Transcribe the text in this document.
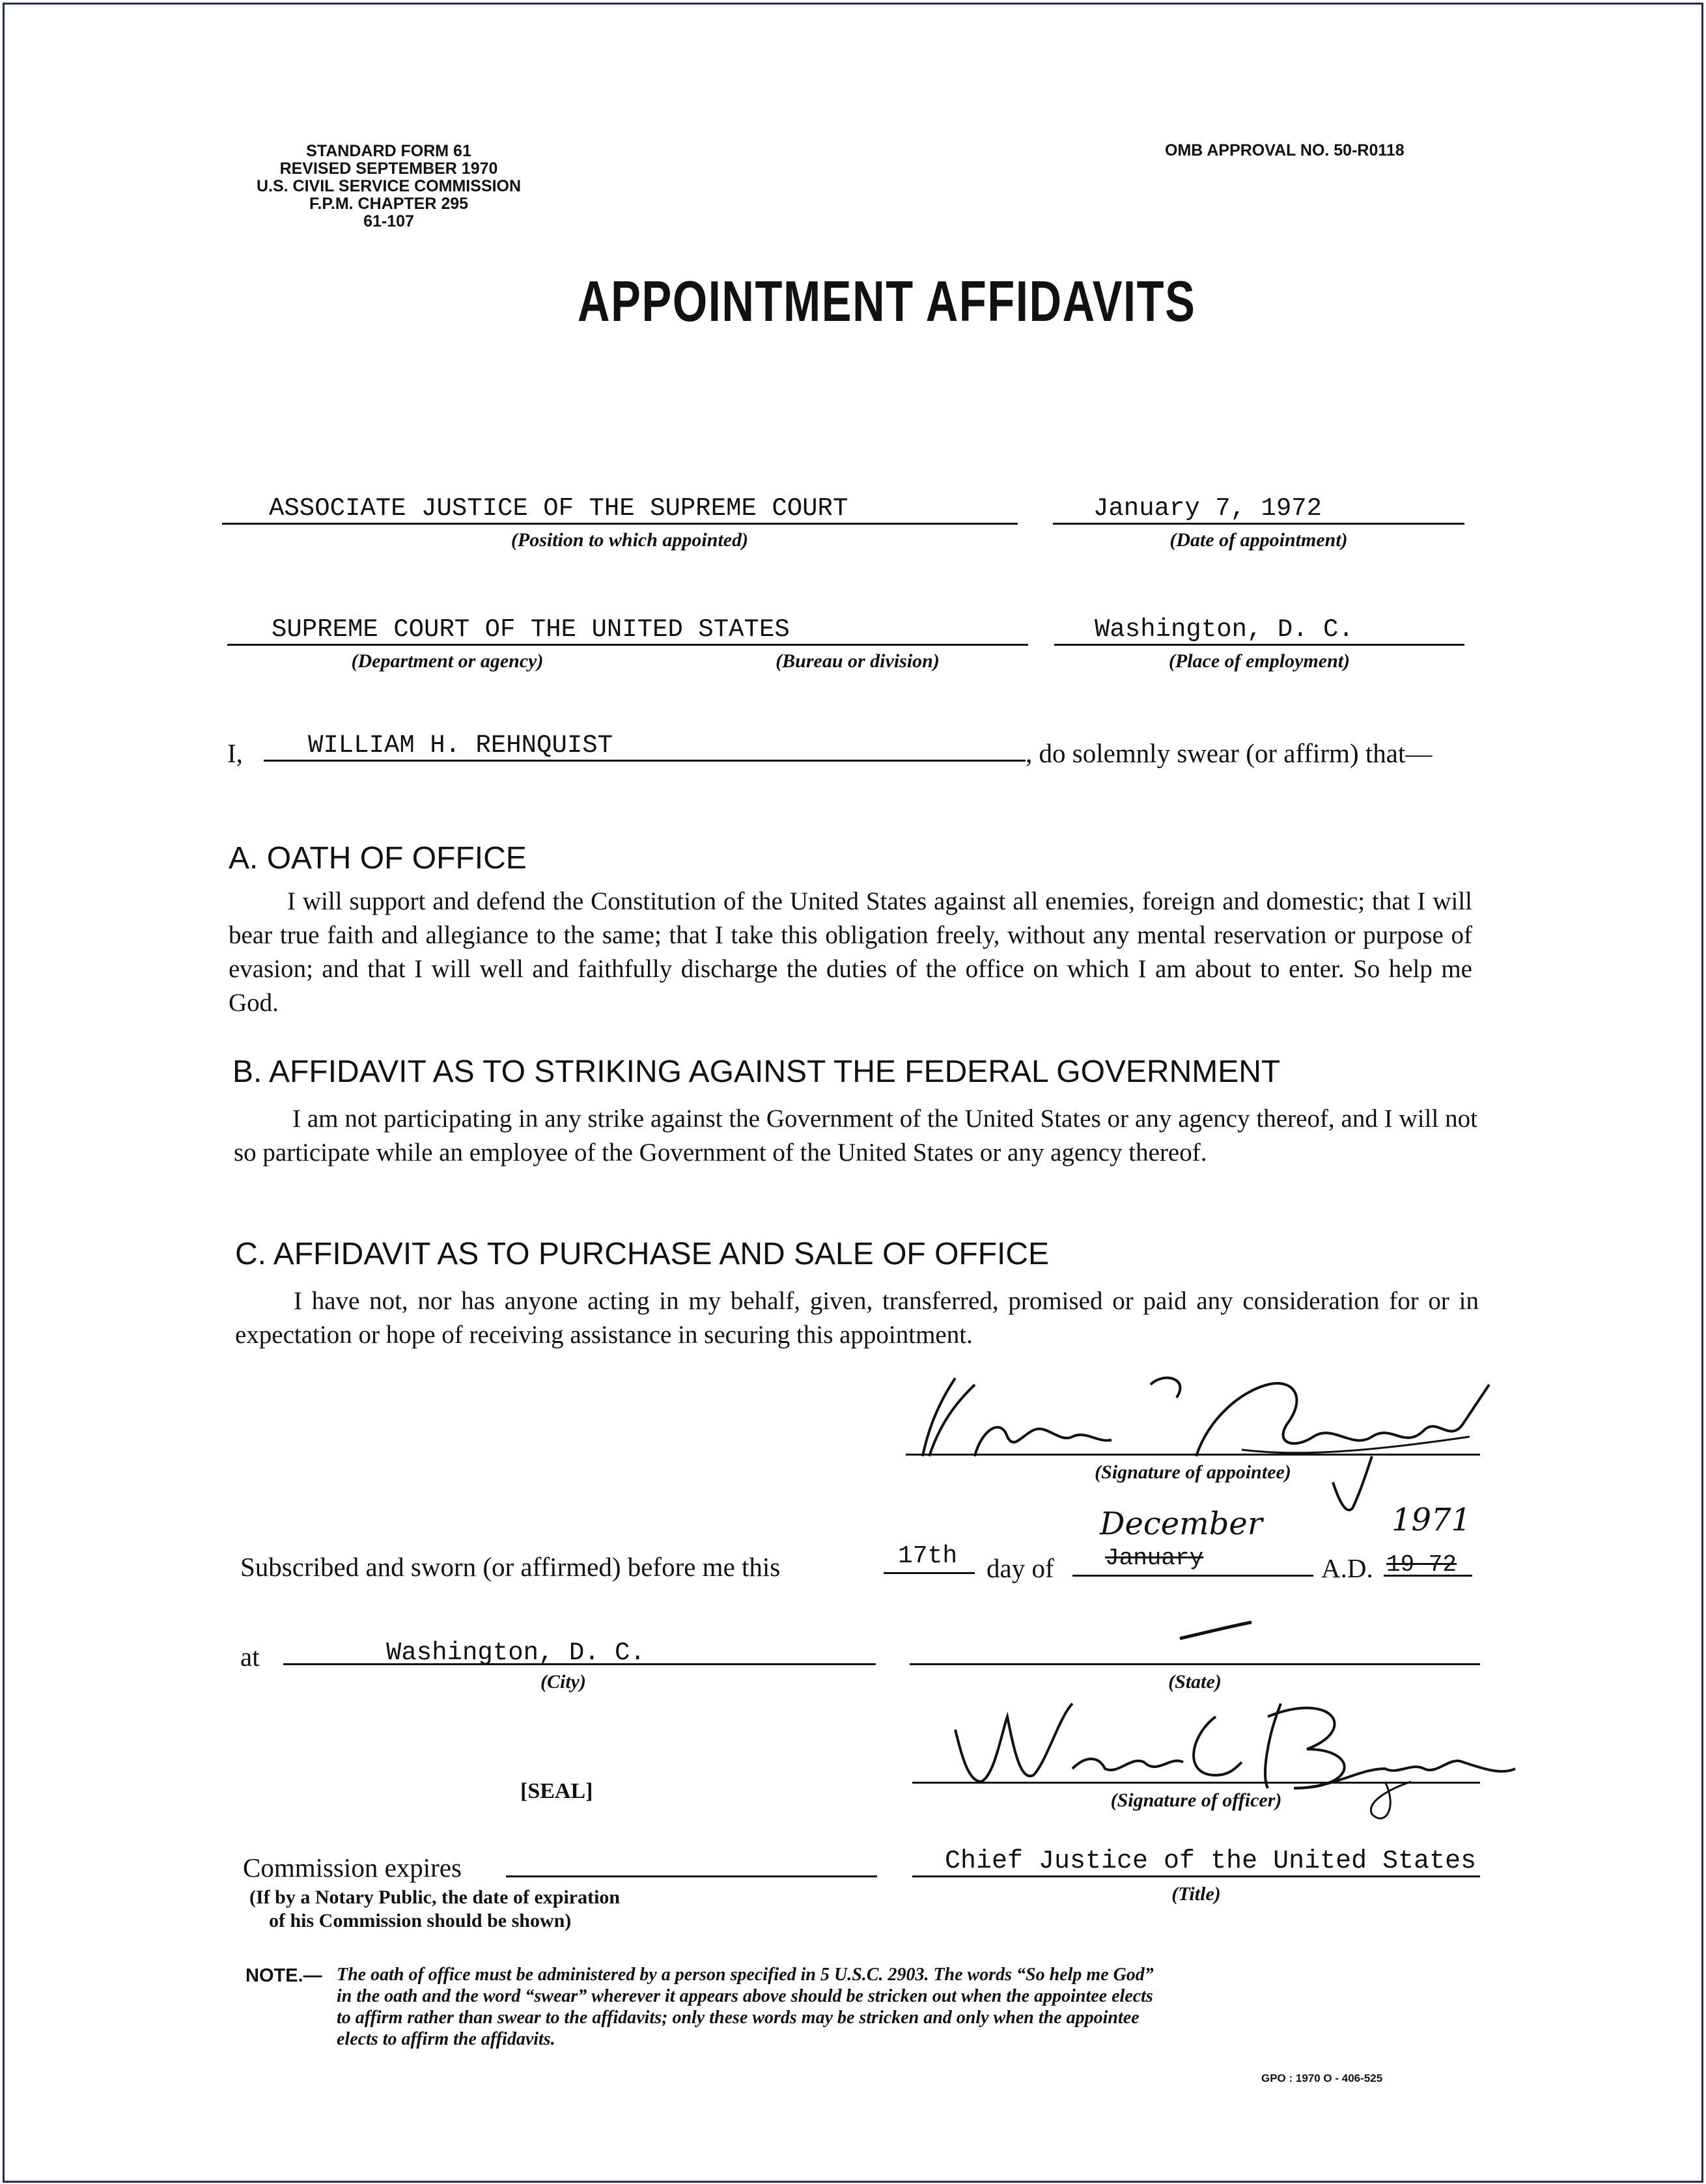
STANDARD FORM 61
REVISED SEPTEMBER 1970
U.S. CIVIL SERVICE COMMISSION
F.P.M. CHAPTER 295
61-107
OMB APPROVAL NO. 50-R0118
APPOINTMENT AFFIDAVITS
ASSOCIATE JUSTICE OF THE SUPREME COURT
(Position to which appointed)
January 7, 1972
(Date of appointment)
SUPREME COURT OF THE UNITED STATES
(Department or agency)	(Bureau or division)
Washington, D. C.
(Place of employment)
I,	WILLIAM H. REHNQUIST	, do solemnly swear (or affirm) that—
A. OATH OF OFFICE
I will support and defend the Constitution of the United States against all enemies, foreign and domestic; that I will bear true faith and allegiance to the same; that I take this obligation freely, without any mental reservation or purpose of evasion; and that I will well and faithfully discharge the duties of the office on which I am about to enter. So help me God.
B. AFFIDAVIT AS TO STRIKING AGAINST THE FEDERAL GOVERNMENT
I am not participating in any strike against the Government of the United States or any agency thereof, and I will not so participate while an employee of the Government of the United States or any agency thereof.
C. AFFIDAVIT AS TO PURCHASE AND SALE OF OFFICE
I have not, nor has anyone acting in my behalf, given, transferred, promised or paid any consideration for or in expectation or hope of receiving assistance in securing this appointment.
(Signature of appointee)
Subscribed and sworn (or affirmed) before me this	17th day of
December
January	A.D.
1971
19 72
at	Washington, D. C.
(City)	(State)
[SEAL]	(Signature of officer)
Commission expires
(If by a Notary Public, the date of expiration
of his Commission should be shown)
Chief Justice of the United States
(Title)
NOTE.— The oath of office must be administered by a person specified in 5 U.S.C. 2903. The words “So help me God”
in the oath and the word “swear” wherever it appears above should be stricken out when the appointee elects
to affirm rather than swear to the affidavits; only these words may be stricken and only when the appointee
elects to affirm the affidavits.
GPO : 1970 O - 406-525
